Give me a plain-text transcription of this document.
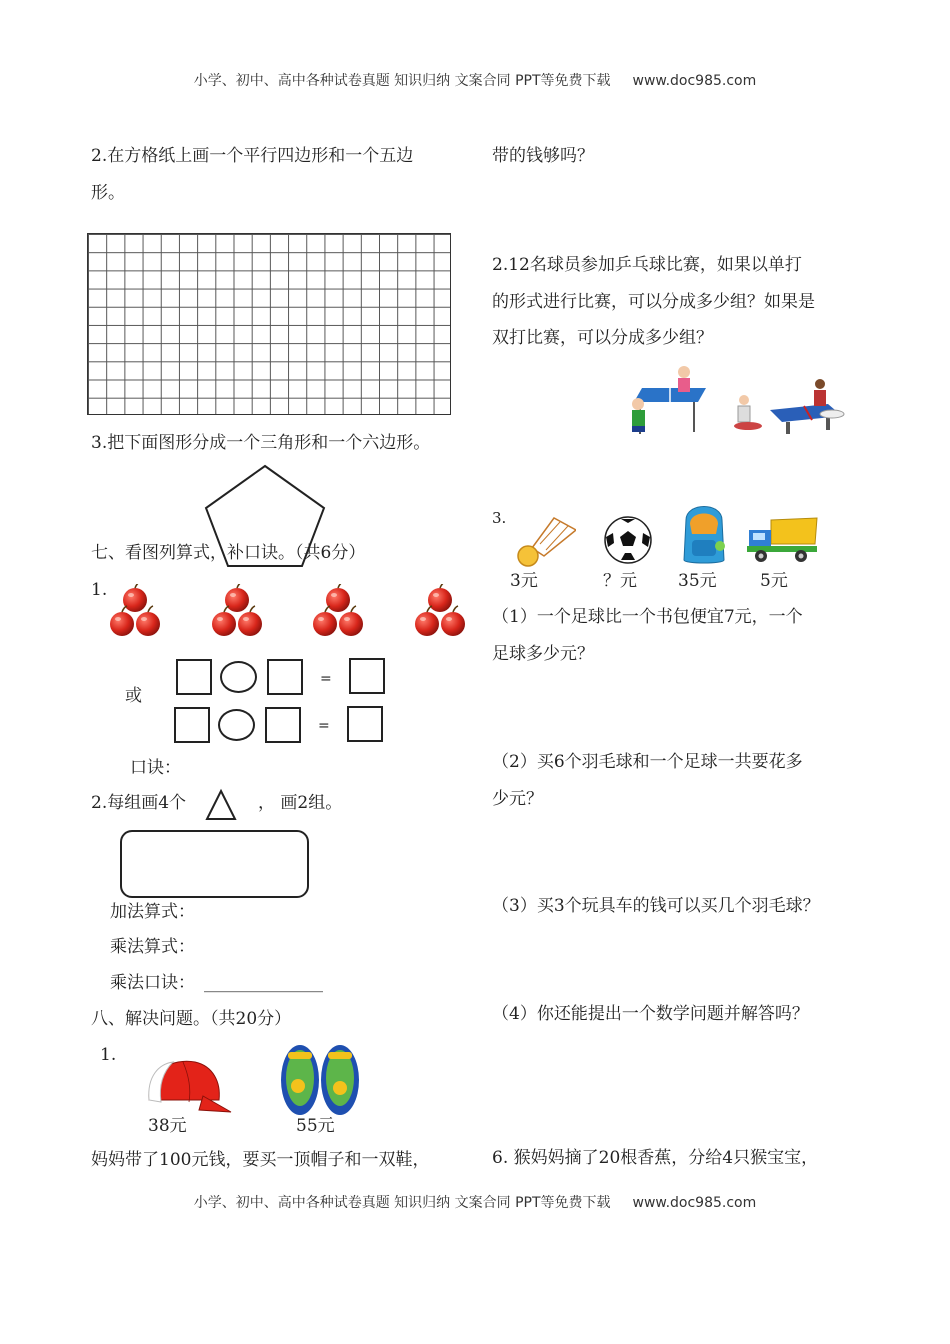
小学、初中、高中各种试卷真题 知识归纳 文案合同 PPT等免费下载 www.doc985.com
小学、初中、高中各种试卷真题 知识归纳 文案合同 PPT等免费下载 www.doc985.com
2.在方格纸上画一个平行四边形和一个五边
形。
3.把下面图形分成一个三角形和一个六边形。
七、看图列算式，补口诀。（共6分）
1.
或
=
=
口诀：
2.每组画4个	， 画2组。
加法算式：
乘法算式：
乘法口诀： ______________
八、解决问题。（共20分）
1.
38元	55元
妈妈带了100元钱，要买一顶帽子和一双鞋，
带的钱够吗？
2.12名球员参加乒乓球比赛，如果以单打
的形式进行比赛，可以分成多少组？如果是
双打比赛，可以分成多少组？
3.
3元	？元 35元	5元
（1）一个足球比一个书包便宜7元，一个
足球多少元？
（2）买6个羽毛球和一个足球一共要花多
少元？
（3）买3个玩具车的钱可以买几个羽毛球？
（4）你还能提出一个数学问题并解答吗？
6. 猴妈妈摘了20根香蕉，分给4只猴宝宝，
